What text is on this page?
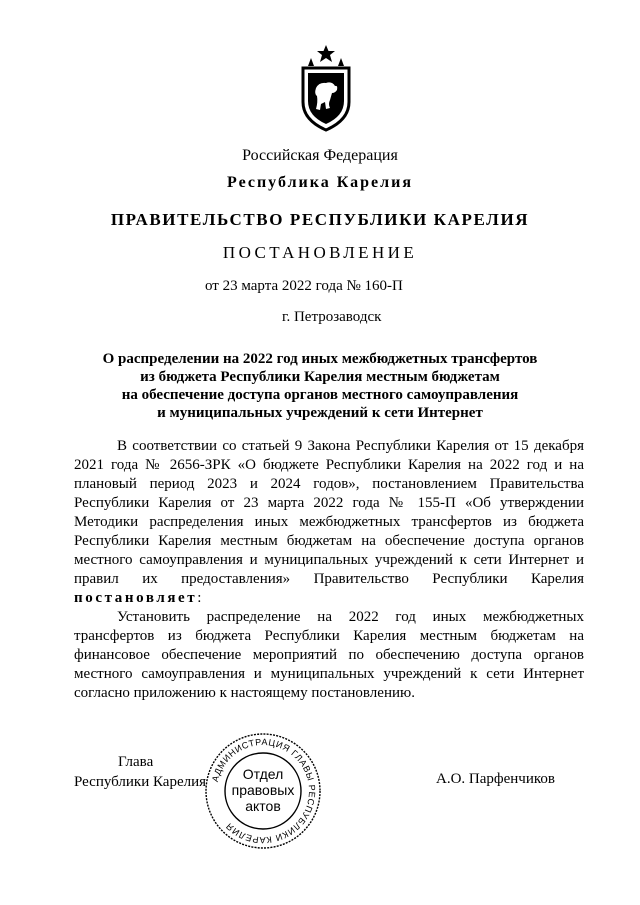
Российская Федерация
Республика Карелия
ПРАВИТЕЛЬСТВО РЕСПУБЛИКИ КАРЕЛИЯ
ПОСТАНОВЛЕНИЕ
от 23 марта 2022 года № 160-П
г. Петрозаводск
О распределении на 2022 год иных межбюджетных трансфертов
из бюджета Республики Карелия местным бюджетам
на обеспечение доступа органов местного самоуправления
и муниципальных учреждений к сети Интернет

В соответствии со статьей 9 Закона Республики Карелия от 15 декабря 2021 года № 2656-ЗРК «О бюджете Республики Карелия на 2022 год и на плановый период 2023 и 2024 годов», постановлением Правительства Республики Карелия от 23 марта 2022 года № 155-П «Об утверждении Методики распределения иных межбюджетных трансфертов из бюджета Республики Карелия местным бюджетам на обеспечение доступа органов местного самоуправления и муниципальных учреждений к сети Интернет и правил их предоставления» Правительство Республики Карелия постановляет:

Установить распределение на 2022 год иных межбюджетных трансфертов из бюджета Республики Карелия местным бюджетам на финансовое обеспечение мероприятий по обеспечению доступа органов местного самоуправления и муниципальных учреждений к сети Интернет согласно приложению к настоящему постановлению.

Глава
Республики Карелия	А.О. Парфенчиков
АДМИНИСТРАЦИЯ ГЛАВЫ РЕСПУБЛИКИ КАРЕЛИЯ
Отдел
правовых
актов
